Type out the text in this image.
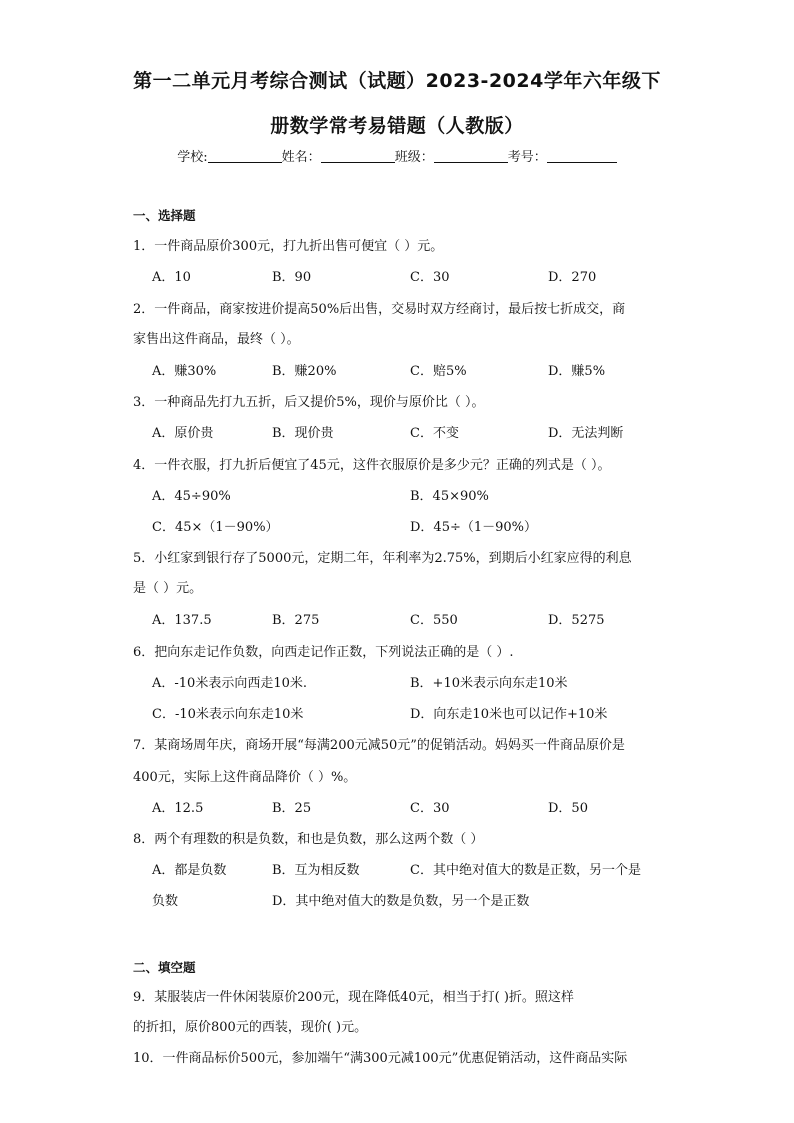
第一二单元月考综合测试（试题）2023-2024学年六年级下
册数学常考易错题（人教版）
学校:	姓名：	班级：	考号：
一、选择题
1．一件商品原价300元，打九折出售可便宜（ ）元。
A．10	B．90	C．30	D．270
2．一件商品，商家按进价提高50%后出售，交易时双方经商讨，最后按七折成交，商
家售出这件商品，最终（ ）。
A．赚30%	B．赚20%	C．赔5%	D．赚5%
3．一种商品先打九五折，后又提价5%，现价与原价比（ ）。
A．原价贵	B．现价贵	C．不变	D．无法判断
4．一件衣服，打九折后便宜了45元，这件衣服原价是多少元？正确的列式是（ ）。
A．45÷90%	B．45×90%
C．45×（1－90%）	D．45÷（1－90%）
5．小红家到银行存了5000元，定期二年，年利率为2.75%，到期后小红家应得的利息
是（ ）元。
A．137.5	B．275	C．550	D．5275
6．把向东走记作负数，向西走记作正数，下列说法正确的是（ ）.
A．-10米表示向西走10米.	B．+10米表示向东走10米
C．-10米表示向东走10米	D．向东走10米也可以记作+10米
7．某商场周年庆，商场开展“每满200元减50元”的促销活动。妈妈买一件商品原价是
400元，实际上这件商品降价（ ）%。
A．12.5	B．25	C．30	D．50
8．两个有理数的积是负数，和也是负数，那么这两个数（ ）
A．都是负数	B．互为相反数	C．其中绝对值大的数是正数，另一个是
负数	D．其中绝对值大的数是负数，另一个是正数
二、填空题
9．某服装店一件休闲装原价200元，现在降低40元，相当于打( )折。照这样
的折扣，原价800元的西装，现价( )元。
10．一件商品标价500元，参加端午“满300元减100元”优惠促销活动，这件商品实际
